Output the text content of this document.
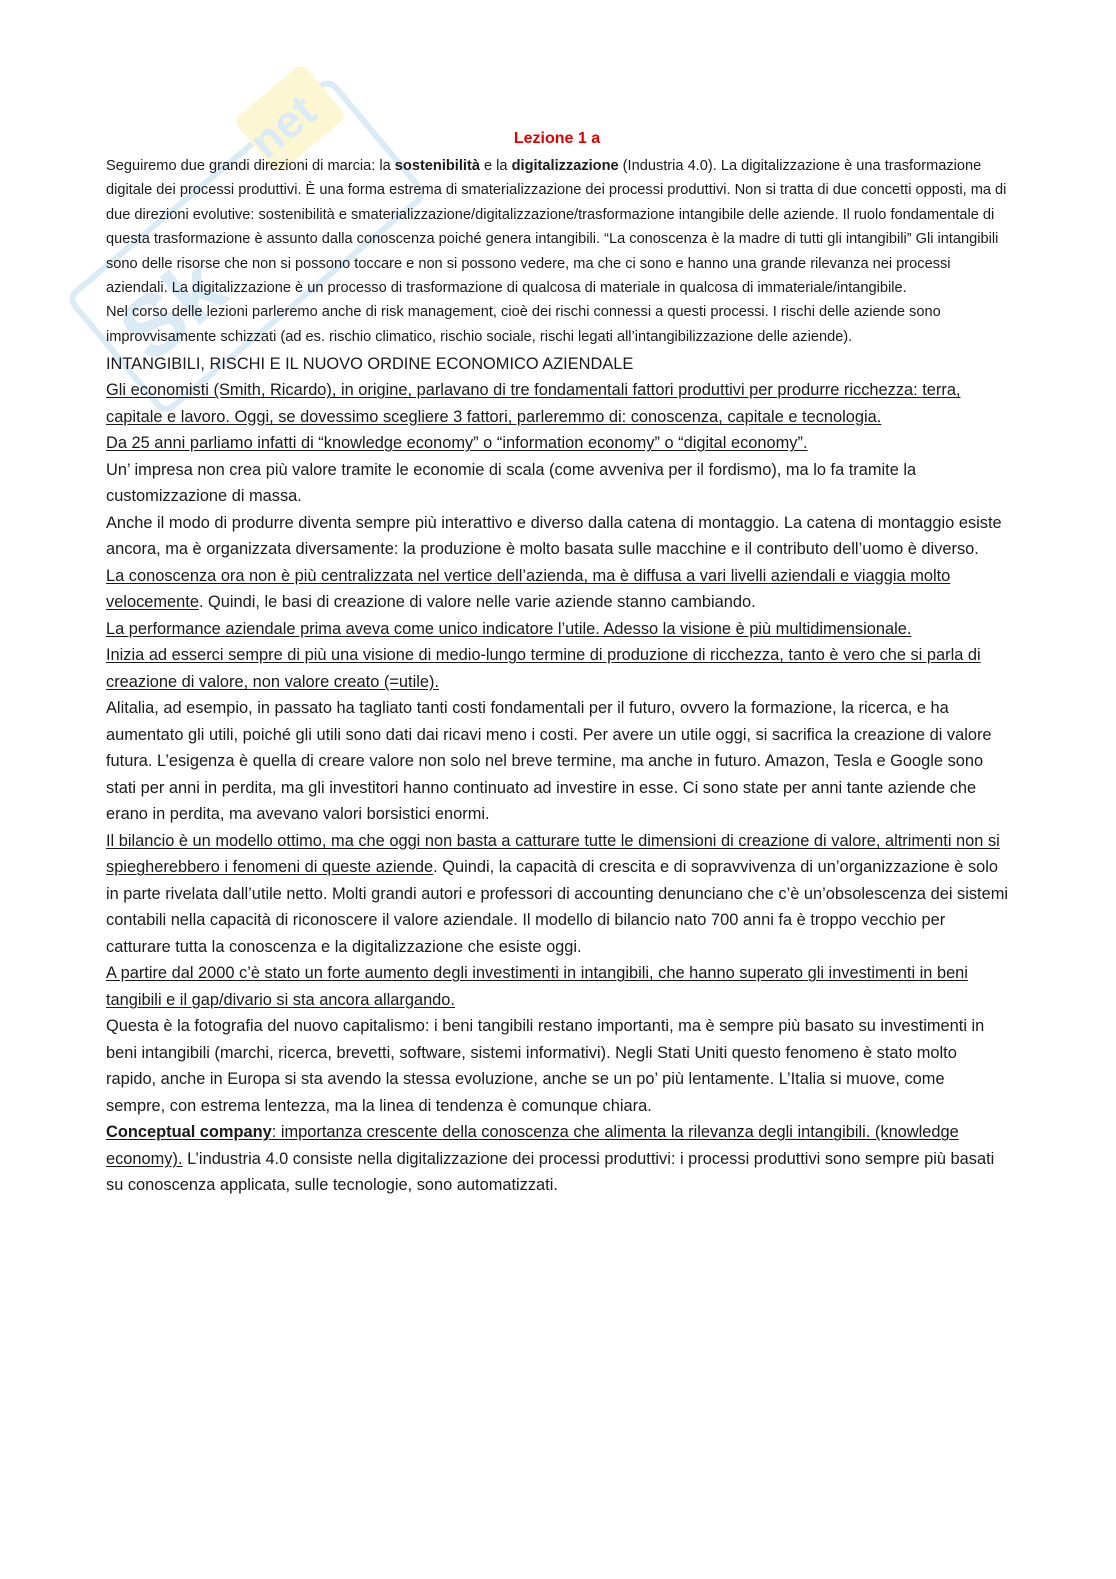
Sk
net	Lezione 1 a

Seguiremo due grandi direzioni di marcia: la sostenibilità e la digitalizzazione (Industria 4.0). La digitalizzazione è una trasformazione digitale dei processi produttivi. È una forma estrema di smaterializzazione dei processi produttivi. Non si tratta di due concetti opposti, ma di due direzioni evolutive: sostenibilità e smaterializzazione/digitalizzazione/trasformazione intangibile delle aziende. Il ruolo fondamentale di questa trasformazione è assunto dalla conoscenza poiché genera intangibili. “La conoscenza è la madre di tutti gli intangibili” Gli intangibili sono delle risorse che non si possono toccare e non si possono vedere, ma che ci sono e hanno una grande rilevanza nei processi aziendali. La digitalizzazione è un processo di trasformazione di qualcosa di materiale in qualcosa di immateriale/intangibile.

Nel corso delle lezioni parleremo anche di risk management, cioè dei rischi connessi a questi processi. I rischi delle aziende sono improvvisamente schizzati (ad es. rischio climatico, rischio sociale, rischi legati all’intangibilizzazione delle aziende).

INTANGIBILI, RISCHI E IL NUOVO ORDINE ECONOMICO AZIENDALE

Gli economisti (Smith, Ricardo), in origine, parlavano di tre fondamentali fattori produttivi per produrre ricchezza: terra, capitale e lavoro. Oggi, se dovessimo scegliere 3 fattori, parleremmo di: conoscenza, capitale e tecnologia.

Da 25 anni parliamo infatti di “knowledge economy” o “information economy” o “digital economy”.

Un’ impresa non crea più valore tramite le economie di scala (come avveniva per il fordismo), ma lo fa tramite la customizzazione di massa.

Anche il modo di produrre diventa sempre più interattivo e diverso dalla catena di montaggio. La catena di montaggio esiste ancora, ma è organizzata diversamente: la produzione è molto basata sulle macchine e il contributo dell’uomo è diverso.

La conoscenza ora non è più centralizzata nel vertice dell’azienda, ma è diffusa a vari livelli aziendali e viaggia molto velocemente. Quindi, le basi di creazione di valore nelle varie aziende stanno cambiando.

La performance aziendale prima aveva come unico indicatore l’utile. Adesso la visione è più multidimensionale.

Inizia ad esserci sempre di più una visione di medio-lungo termine di produzione di ricchezza, tanto è vero che si parla di creazione di valore, non valore creato (=utile).

Alitalia, ad esempio, in passato ha tagliato tanti costi fondamentali per il futuro, ovvero la formazione, la ricerca, e ha aumentato gli utili, poiché gli utili sono dati dai ricavi meno i costi. Per avere un utile oggi, si sacrifica la creazione di valore futura. L’esigenza è quella di creare valore non solo nel breve termine, ma anche in futuro. Amazon, Tesla e Google sono stati per anni in perdita, ma gli investitori hanno continuato ad investire in esse. Ci sono state per anni tante aziende che erano in perdita, ma avevano valori borsistici enormi.

Il bilancio è un modello ottimo, ma che oggi non basta a catturare tutte le dimensioni di creazione di valore, altrimenti non si spiegherebbero i fenomeni di queste aziende. Quindi, la capacità di crescita e di sopravvivenza di un’organizzazione è solo in parte rivelata dall’utile netto. Molti grandi autori e professori di accounting denunciano che c’è un’obsolescenza dei sistemi contabili nella capacità di riconoscere il valore aziendale. Il modello di bilancio nato 700 anni fa è troppo vecchio per catturare tutta la conoscenza e la digitalizzazione che esiste oggi.

A partire dal 2000 c’è stato un forte aumento degli investimenti in intangibili, che hanno superato gli investimenti in beni tangibili e il gap/divario si sta ancora allargando.

Questa è la fotografia del nuovo capitalismo: i beni tangibili restano importanti, ma è sempre più basato su investimenti in beni intangibili (marchi, ricerca, brevetti, software, sistemi informativi). Negli Stati Uniti questo fenomeno è stato molto rapido, anche in Europa si sta avendo la stessa evoluzione, anche se un po’ più lentamente. L’Italia si muove, come sempre, con estrema lentezza, ma la linea di tendenza è comunque chiara.

Conceptual company: importanza crescente della conoscenza che alimenta la rilevanza degli intangibili. (knowledge economy). L’industria 4.0 consiste nella digitalizzazione dei processi produttivi: i processi produttivi sono sempre più basati su conoscenza applicata, sulle tecnologie, sono automatizzati.
